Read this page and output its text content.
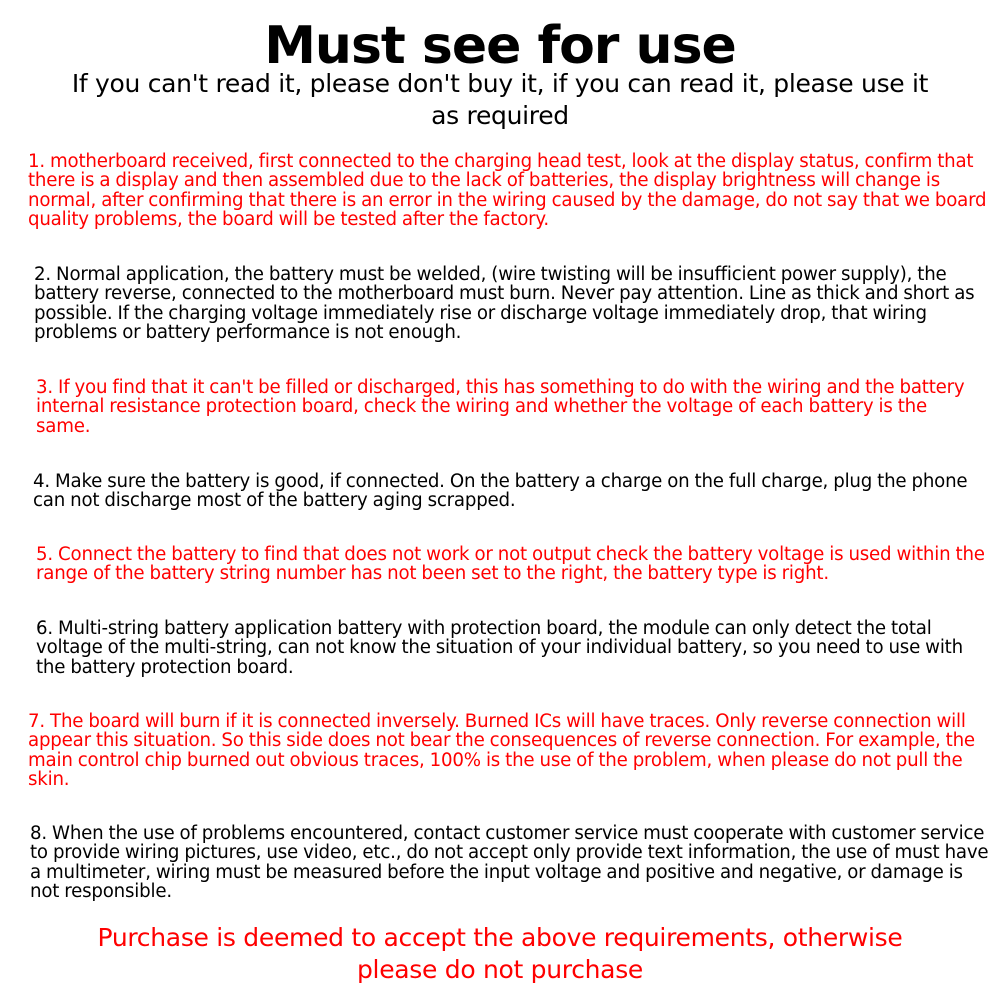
Must see for use
If you can't read it, please don't buy it, if you can read it, please use it as required
1. motherboard received, first connected to the charging head test, look at the display status, confirm that there is a display and then assembled due to the lack of batteries, the display brightness will change is normal, after confirming that there is an error in the wiring caused by the damage, do not say that we board quality problems, the board will be tested after the factory.
2. Normal application, the battery must be welded, (wire twisting will be insufficient power supply), the battery reverse, connected to the motherboard must burn. Never pay attention. Line as thick and short as possible. If the charging voltage immediately rise or discharge voltage immediately drop, that wiring problems or battery performance is not enough.
3. If you find that it can't be filled or discharged, this has something to do with the wiring and the battery internal resistance protection board, check the wiring and whether the voltage of each battery is the same.
4. Make sure the battery is good, if connected. On the battery a charge on the full charge, plug the phone can not discharge most of the battery aging scrapped.
5. Connect the battery to find that does not work or not output check the battery voltage is used within the range of the battery string number has not been set to the right, the battery type is right.
6. Multi-string battery application battery with protection board, the module can only detect the total voltage of the multi-string, can not know the situation of your individual battery, so you need to use with the battery protection board.
7. The board will burn if it is connected inversely. Burned ICs will have traces. Only reverse connection will appear this situation. So this side does not bear the consequences of reverse connection. For example, the main control chip burned out obvious traces, 100% is the use of the problem, when please do not pull the skin.
8. When the use of problems encountered, contact customer service must cooperate with customer service to provide wiring pictures, use video, etc., do not accept only provide text information, the use of must have a multimeter, wiring must be measured before the input voltage and positive and negative, or damage is not responsible.
Purchase is deemed to accept the above requirements, otherwise please do not purchase
